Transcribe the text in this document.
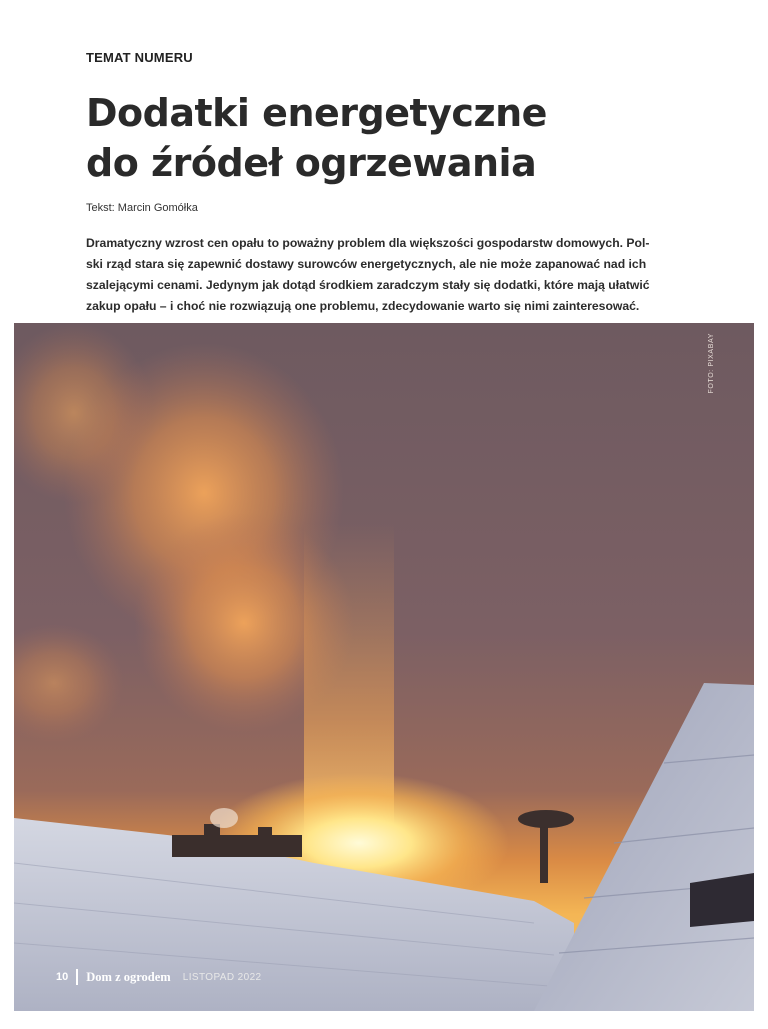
TEMAT NUMERU
Dodatki energetyczne
do źródeł ogrzewania
Tekst: Marcin Gomółka
Dramatyczny wzrost cen opału to poważny problem dla większości gospodarstw domowych. Pol-
ski rząd stara się zapewnić dostawy surowców energetycznych, ale nie może zapanować nad ich
szalejącymi cenami. Jedynym jak dotąd środkiem zaradczym stały się dodatki, które mają ułatwić
zakup opału – i choć nie rozwiązują one problemu, zdecydowanie warto się nimi zainteresować.
FOTO: PIXABAY
10 Dom z ogrodem LISTOPAD 2022
